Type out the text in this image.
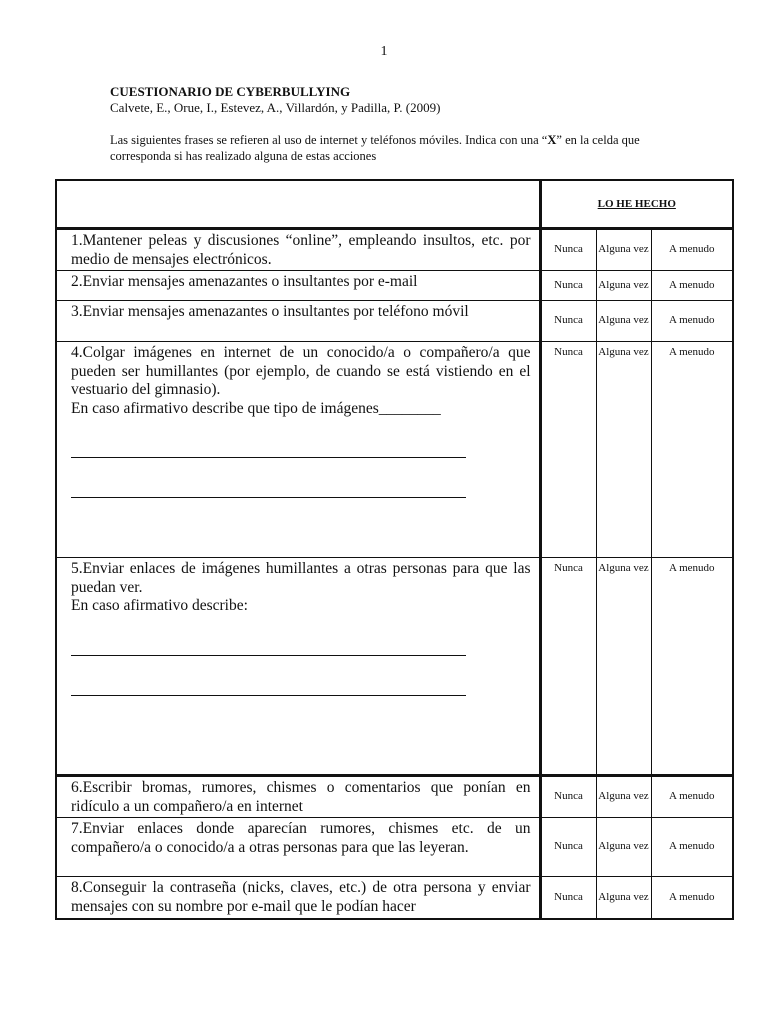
1
CUESTIONARIO DE CYBERBULLYING
Calvete, E., Orue, I., Estevez, A., Villardón, y Padilla, P. (2009)
Las siguientes frases se refieren al uso de internet y teléfonos móviles. Indica con una “X” en la celda que corresponda si has realizado alguna de estas acciones
	LO HE HECHO		
1.Mantener peleas y discusiones “online”, empleando insultos, etc. por medio de mensajes electrónicos.	Nunca	Alguna vez	A menudo
2.Enviar mensajes amenazantes o insultantes por e-mail	Nunca	Alguna vez	A menudo
3.Enviar mensajes amenazantes o insultantes por teléfono móvil	Nunca	Alguna vez	A menudo

4.Colgar imágenes en internet de un conocido/a o compañero/a que pueden ser humillantes (por ejemplo, de cuando se está vistiendo en el vestuario del gimnasio).
En caso afirmativo describe que tipo de imágenes________	Nunca	Alguna vez	A menudo

5.Enviar enlaces de imágenes humillantes a otras personas para que las puedan ver.
En caso afirmativo describe:	Nunca	Alguna vez	A menudo
6.Escribir bromas, rumores, chismes o comentarios que ponían en ridículo a un compañero/a en internet	Nunca	Alguna vez	A menudo
7.Enviar enlaces donde aparecían rumores, chismes etc. de un compañero/a o conocido/a a otras personas para que las leyeran.	Nunca	Alguna vez	A menudo
8.Conseguir la contraseña (nicks, claves, etc.) de otra persona y enviar mensajes con su nombre por e-mail que le podían hacer	Nunca	Alguna vez	A menudo
